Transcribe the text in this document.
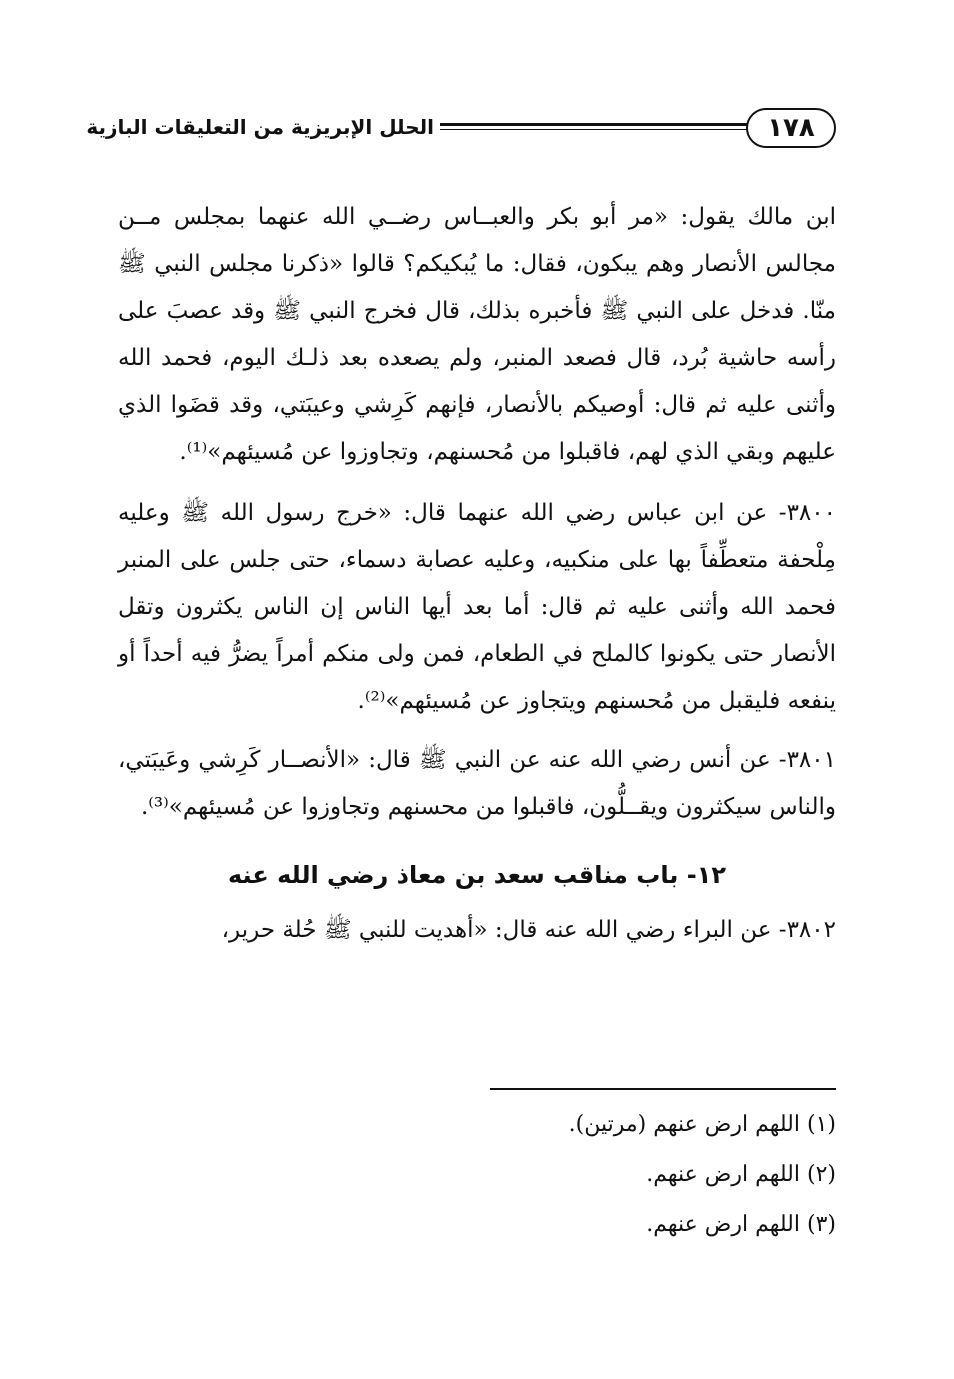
١٧٨
الحلل الإبريزية من التعليقات البازية

ابن مالك يقول: «مر أبو بكر والعبــاس رضــي الله عنهما بمجلس مــن مجالس الأنصار وهم يبكون، فقال: ما يُبكيكم؟ قالوا «ذكرنا مجلس النبي ﷺ منّا. فدخل على النبي ﷺ فأخبره بذلك، قال فخرج النبي ﷺ وقد عصبَ على رأسه حاشية بُرد، قال فصعد المنبر، ولم يصعده بعد ذلـك اليوم، فحمد الله وأثنى عليه ثم قال: أوصيكم بالأنصار، فإنهم كَرِشي وعيبَتي، وقد قضَوا الذي عليهم وبقي الذي لهم، فاقبلوا من مُحسنهم، وتجاوزوا عن مُسيئهم»⁽¹⁾.

٣٨٠٠- عن ابن عباس رضي الله عنهما قال: «خرج رسول الله ﷺ وعليه مِلْحفة متعطِّفاً بها على منكبيه، وعليه عصابة دسماء، حتى جلس على المنبر فحمد الله وأثنى عليه ثم قال: أما بعد أيها الناس إن الناس يكثرون وتقل الأنصار حتى يكونوا كالملح في الطعام، فمن ولى منكم أمراً يضرُّ فيه أحداً أو ينفعه فليقبل من مُحسنهم ويتجاوز عن مُسيئهم»⁽²⁾.

٣٨٠١- عن أنس رضي الله عنه عن النبي ﷺ قال: «الأنصــار كَرِشي وعَيبَتي، والناس سيكثرون ويقــلُّون، فاقبلوا من محسنهم وتجاوزوا عن مُسيئهم»⁽³⁾.

١٢- باب مناقب سعد بن معاذ رضي الله عنه

٣٨٠٢- عن البراء رضي الله عنه قال: «أهديت للنبي ﷺ حُلة حرير،

(١) اللهم ارض عنهم (مرتين).

(٢) اللهم ارض عنهم.

(٣) اللهم ارض عنهم.
